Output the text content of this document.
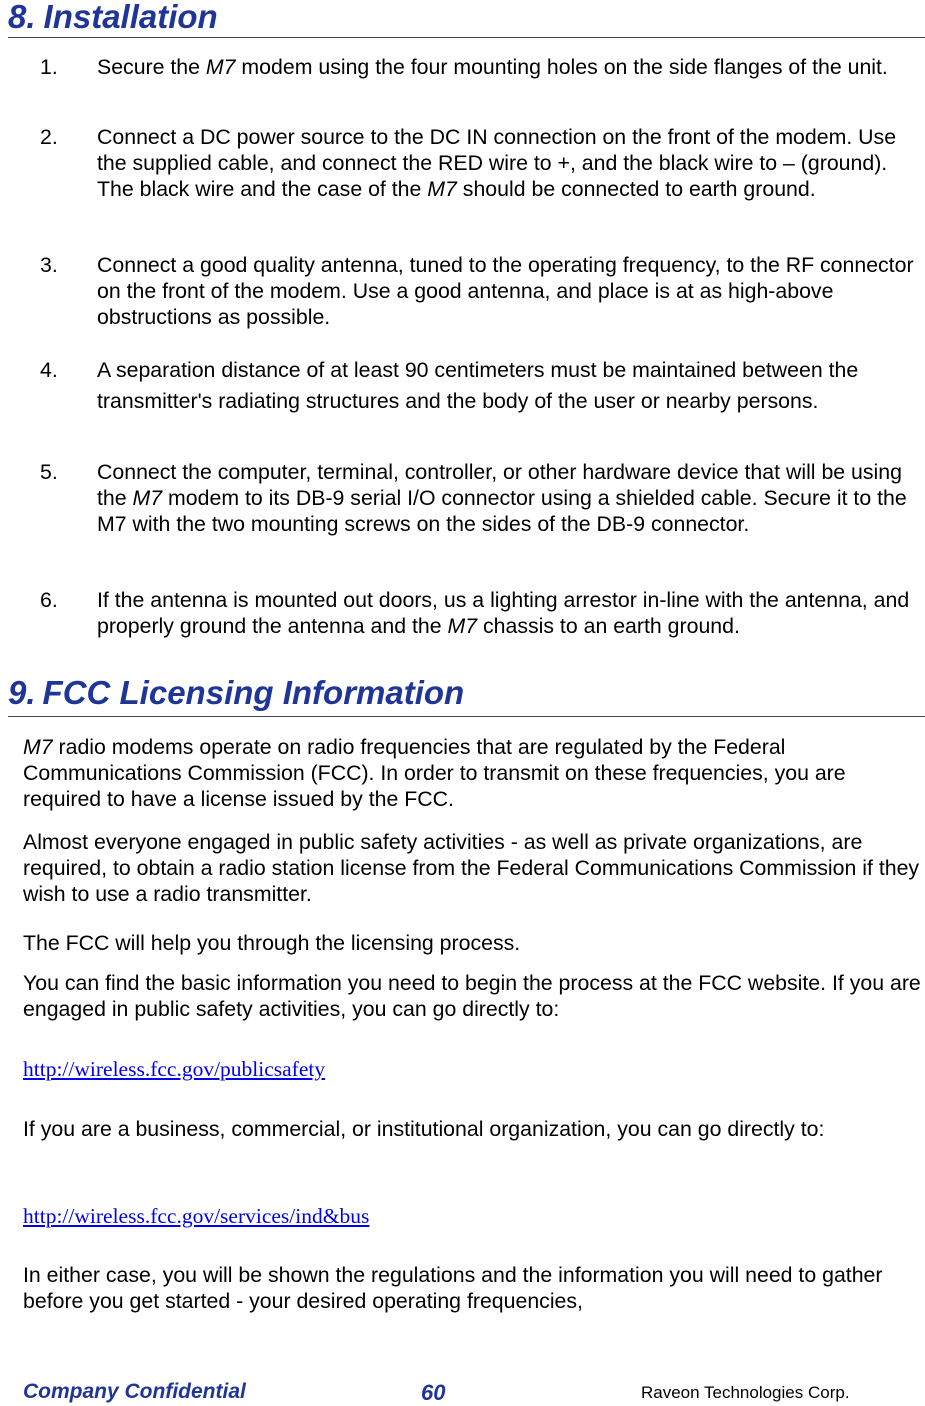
8. Installation
1. Secure the M7 modem using the four mounting holes on the side flanges of the unit.
2. Connect a DC power source to the DC IN connection on the front of the modem. Use the supplied cable, and connect the RED wire to +, and the black wire to – (ground). The black wire and the case of the M7 should be connected to earth ground.
3. Connect a good quality antenna, tuned to the operating frequency, to the RF connector on the front of the modem. Use a good antenna, and place is at as high-above obstructions as possible.
4. A separation distance of at least 90 centimeters must be maintained between the transmitter's radiating structures and the body of the user or nearby persons.
5. Connect the computer, terminal, controller, or other hardware device that will be using the M7 modem to its DB-9 serial I/O connector using a shielded cable. Secure it to the M7 with the two mounting screws on the sides of the DB-9 connector.
6. If the antenna is mounted out doors, us a lighting arrestor in-line with the antenna, and properly ground the antenna and the M7 chassis to an earth ground.
9. FCC Licensing Information
M7 radio modems operate on radio frequencies that are regulated by the Federal Communications Commission (FCC). In order to transmit on these frequencies, you are required to have a license issued by the FCC.
Almost everyone engaged in public safety activities - as well as private organizations, are required, to obtain a radio station license from the Federal Communications Commission if they wish to use a radio transmitter.
The FCC will help you through the licensing process.
You can find the basic information you need to begin the process at the FCC website. If you are engaged in public safety activities, you can go directly to:
http://wireless.fcc.gov/publicsafety
If you are a business, commercial, or institutional organization, you can go directly to:
http://wireless.fcc.gov/services/ind&bus
In either case, you will be shown the regulations and the information you will need to gather before you get started - your desired operating frequencies,
Company Confidential	60	Raveon Technologies Corp.
